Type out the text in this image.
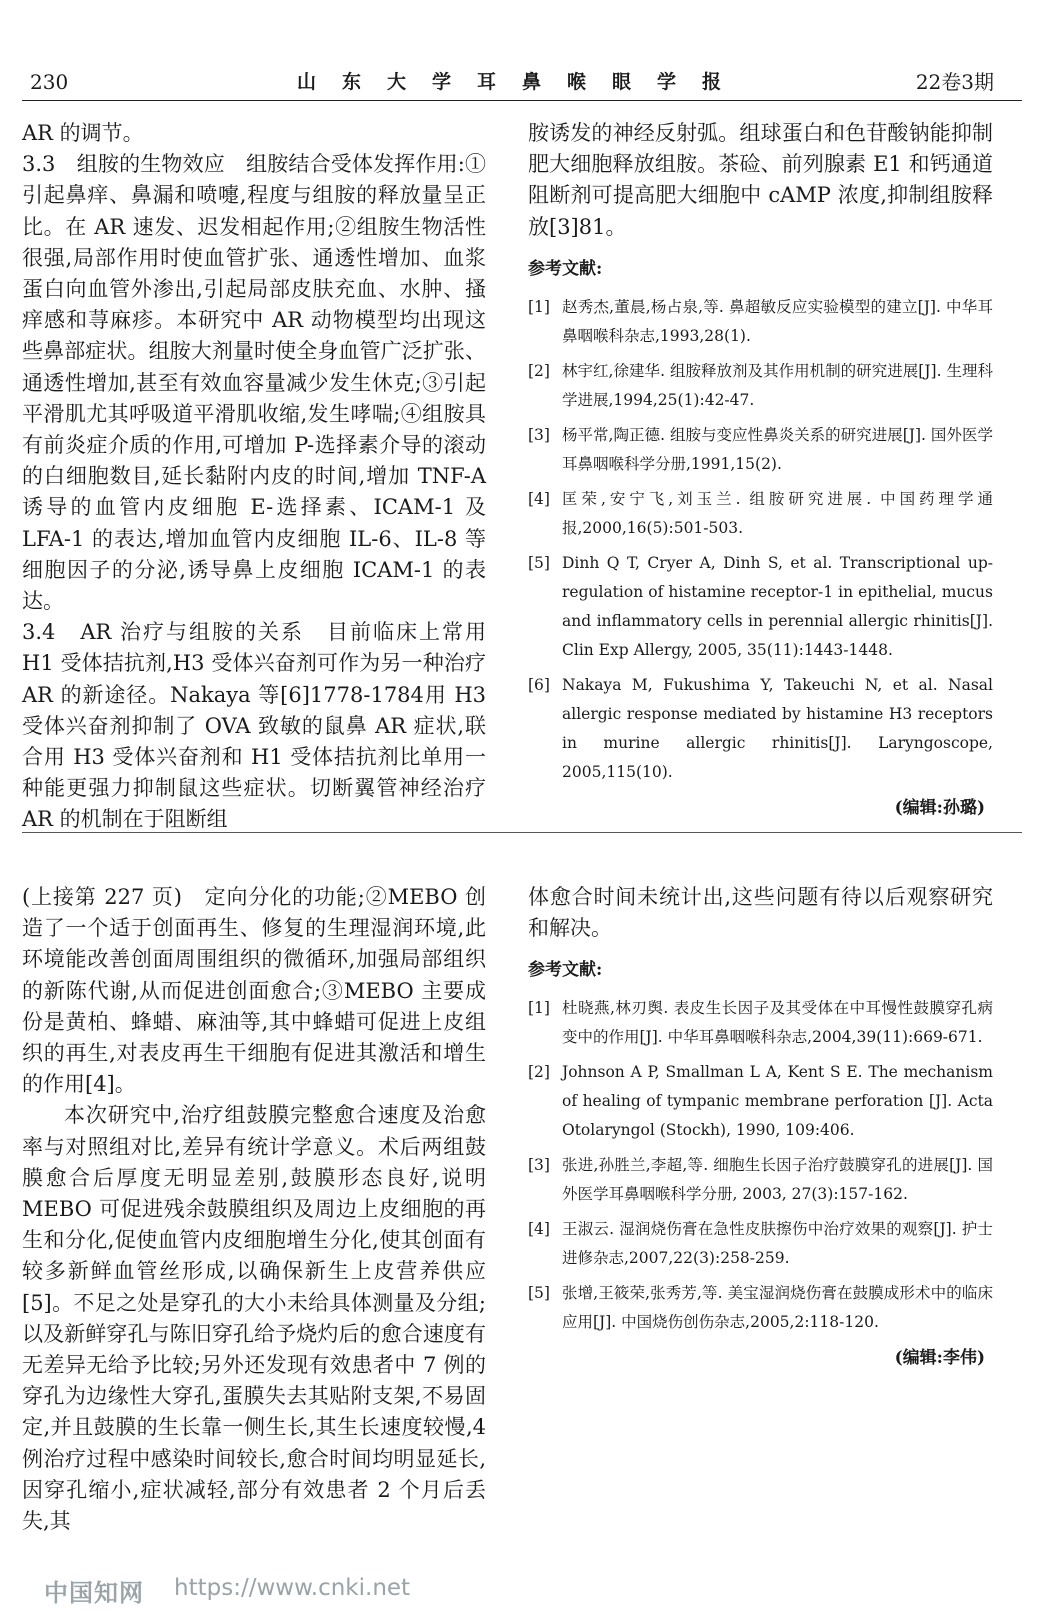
230	山东大学耳鼻喉眼学报	22卷3期

AR 的调节。

3.3　组胺的生物效应　组胺结合受体发挥作用:①引起鼻痒、鼻漏和喷嚏,程度与组胺的释放量呈正比。在 AR 速发、迟发相起作用;②组胺生物活性很强,局部作用时使血管扩张、通透性增加、血浆蛋白向血管外渗出,引起局部皮肤充血、水肿、搔痒感和荨麻疹。本研究中 AR 动物模型均出现这些鼻部症状。组胺大剂量时使全身血管广泛扩张、通透性增加,甚至有效血容量减少发生休克;③引起平滑肌尤其呼吸道平滑肌收缩,发生哮喘;④组胺具有前炎症介质的作用,可增加 P-选择素介导的滚动的白细胞数目,延长黏附内皮的时间,增加 TNF-A 诱导的血管内皮细胞 E-选择素、ICAM-1 及 LFA-1 的表达,增加血管内皮细胞 IL-6、IL-8 等细胞因子的分泌,诱导鼻上皮细胞 ICAM-1 的表达。

3.4　AR 治疗与组胺的关系　目前临床上常用 H1 受体拮抗剂,H3 受体兴奋剂可作为另一种治疗 AR 的新途径。Nakaya 等[6]1778-1784用 H3 受体兴奋剂抑制了 OVA 致敏的鼠鼻 AR 症状,联合用 H3 受体兴奋剂和 H1 受体拮抗剂比单用一种能更强力抑制鼠这些症状。切断翼管神经治疗 AR 的机制在于阻断组

胺诱发的神经反射弧。组球蛋白和色苷酸钠能抑制肥大细胞释放组胺。茶硷、前列腺素 E1 和钙通道阻断剂可提高肥大细胞中 cAMP 浓度,抑制组胺释放[3]81。

参考文献:
[1] 赵秀杰,董晨,杨占泉,等. 鼻超敏反应实验模型的建立[J]. 中华耳鼻咽喉科杂志,1993,28(1).
[2] 林宇红,徐建华. 组胺释放剂及其作用机制的研究进展[J]. 生理科学进展,1994,25(1):42-47.
[3] 杨平常,陶正德. 组胺与变应性鼻炎关系的研究进展[J]. 国外医学耳鼻咽喉科学分册,1991,15(2).
[4] 匡荣,安宁飞,刘玉兰. 组胺研究进展. 中国药理学通报,2000,16(5):501-503.
[5] Dinh Q T, Cryer A, Dinh S, et al. Transcriptional up-regulation of histamine receptor-1 in epithelial, mucus and inflammatory cells in perennial allergic rhinitis[J]. Clin Exp Allergy, 2005, 35(11):1443-1448.
[6] Nakaya M, Fukushima Y, Takeuchi N, et al. Nasal allergic response mediated by histamine H3 receptors in murine allergic rhinitis[J]. Laryngoscope, 2005,115(10).
(编辑:孙璐)

(上接第 227 页)　定向分化的功能;②MEBO 创造了一个适于创面再生、修复的生理湿润环境,此环境能改善创面周围组织的微循环,加强局部组织的新陈代谢,从而促进创面愈合;③MEBO 主要成份是黄柏、蜂蜡、麻油等,其中蜂蜡可促进上皮组织的再生,对表皮再生干细胞有促进其激活和增生的作用[4]。

本次研究中,治疗组鼓膜完整愈合速度及治愈率与对照组对比,差异有统计学意义。术后两组鼓膜愈合后厚度无明显差别,鼓膜形态良好,说明 MEBO 可促进残余鼓膜组织及周边上皮细胞的再生和分化,促使血管内皮细胞增生分化,使其创面有较多新鲜血管丝形成,以确保新生上皮营养供应[5]。不足之处是穿孔的大小未给具体测量及分组;以及新鲜穿孔与陈旧穿孔给予烧灼后的愈合速度有无差异无给予比较;另外还发现有效患者中 7 例的穿孔为边缘性大穿孔,蛋膜失去其贴附支架,不易固定,并且鼓膜的生长靠一侧生长,其生长速度较慢,4 例治疗过程中感染时间较长,愈合时间均明显延长,因穿孔缩小,症状减轻,部分有效患者 2 个月后丢失,其

体愈合时间未统计出,这些问题有待以后观察研究和解决。

参考文献:
[1] 杜晓燕,林刃舆. 表皮生长因子及其受体在中耳慢性鼓膜穿孔病变中的作用[J]. 中华耳鼻咽喉科杂志,2004,39(11):669-671.
[2] Johnson A P, Smallman L A, Kent S E. The mechanism of healing of tympanic membrane perforation [J]. Acta Otolaryngol (Stockh), 1990, 109:406.
[3] 张进,孙胜兰,李超,等. 细胞生长因子治疗鼓膜穿孔的进展[J]. 国外医学耳鼻咽喉科学分册, 2003, 27(3):157-162.
[4] 王淑云. 湿润烧伤膏在急性皮肤擦伤中治疗效果的观察[J]. 护士进修杂志,2007,22(3):258-259.
[5] 张增,王筱荣,张秀芳,等. 美宝湿润烧伤膏在鼓膜成形术中的临床应用[J]. 中国烧伤创伤杂志,2005,2:118-120.
(编辑:李伟)
中国知网 https://www.cnki.net
